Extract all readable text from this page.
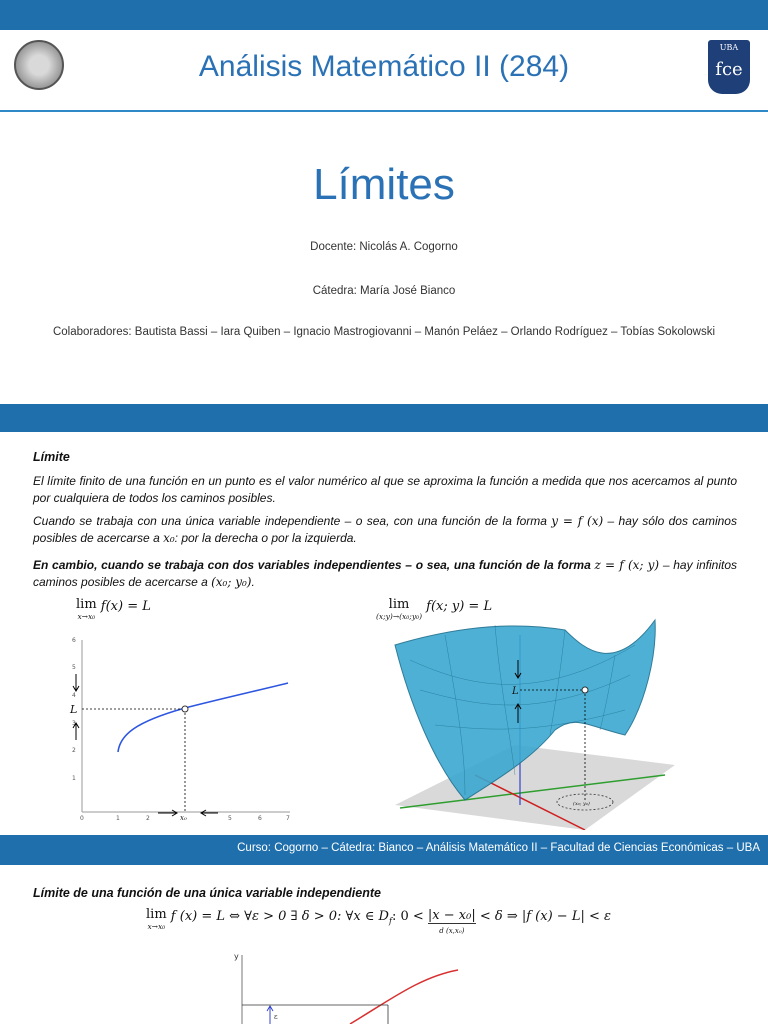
Análisis Matemático II (284)
UBA
fce
Límites
Docente: Nicolás A. Cogorno
Cátedra: María José Bianco
Colaboradores: Bautista Bassi – Iara Quiben – Ignacio Mastrogiovanni – Manón Peláez – Orlando Rodríguez – Tobías Sokolowski
Límite
El límite finito de una función en un punto es el valor numérico al que se aproxima la función a medida que nos acercamos al punto por cualquiera de todos los caminos posibles.
Cuando se trabaja con una única variable independiente – o sea, con una función de la forma y = f (x) – hay sólo dos caminos posibles de acercarse a x₀: por la derecha o por la izquierda.
En cambio, cuando se trabaja con dos variables independientes – o sea, una función de la forma z = f (x; y) – hay infinitos caminos posibles de acercarse a (x₀; y₀).
lim
x→x₀
f(x) = L	lim
(x;y)→(x₀;y₀)
f(x; y) = L
6
5
4
3
2
1
0	1	2	5	6	7
L
x₀
(x₀; y₀)
L
Curso: Cogorno – Cátedra: Bianco – Análisis Matemático II – Facultad de Ciencias Económicas – UBA
Límite de una función de una única variable independiente
lim
x→x₀
f (x) = L ⇔ ∀ε > 0 ∃ δ > 0: ∀x ∈ $D_f$: 0 < |x − x₀|
d (x,x₀)
< δ ⇒ |f (x) − L| < ε
y
ε
